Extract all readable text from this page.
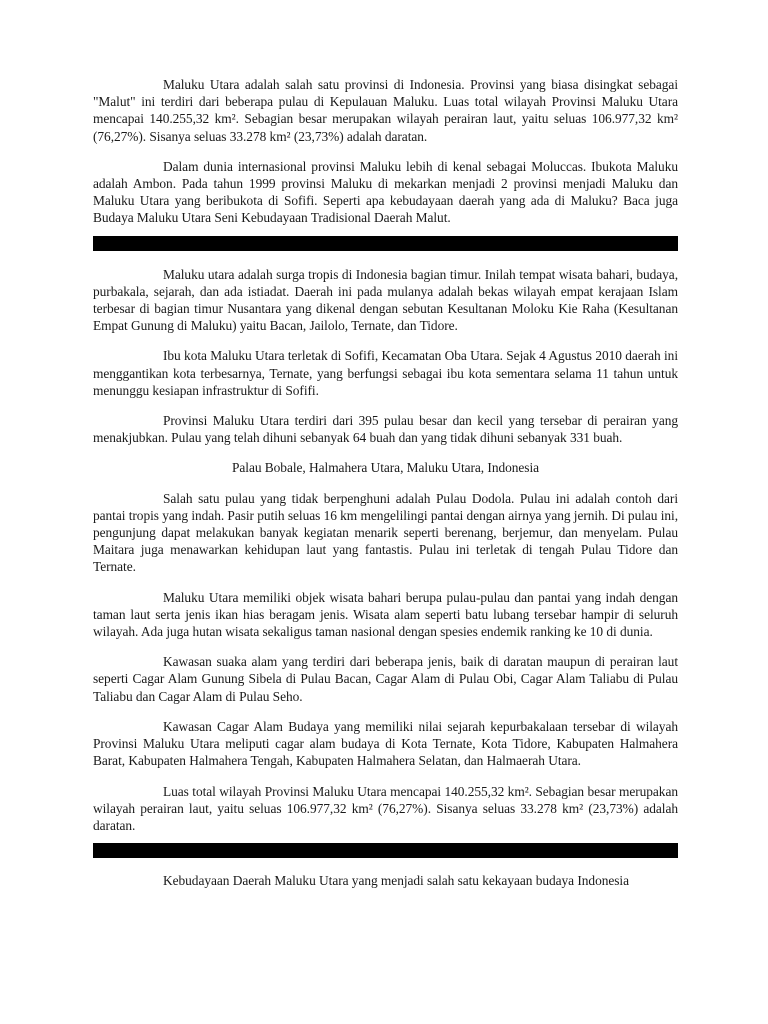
Maluku Utara adalah salah satu provinsi di Indonesia. Provinsi yang biasa disingkat sebagai "Malut" ini terdiri dari beberapa pulau di Kepulauan Maluku. Luas total wilayah Provinsi Maluku Utara mencapai 140.255,32 km². Sebagian besar merupakan wilayah perairan laut, yaitu seluas 106.977,32 km² (76,27%). Sisanya seluas 33.278 km² (23,73%) adalah daratan.

Dalam dunia internasional provinsi Maluku lebih di kenal sebagai Moluccas. Ibukota Maluku adalah Ambon. Pada tahun 1999 provinsi Maluku di mekarkan menjadi 2 provinsi menjadi Maluku dan Maluku Utara yang beribukota di Sofifi. Seperti apa kebudayaan daerah yang ada di Maluku? Baca juga Budaya Maluku Utara Seni Kebudayaan Tradisional Daerah Malut.

Maluku utara adalah surga tropis di Indonesia bagian timur. Inilah tempat wisata bahari, budaya, purbakala, sejarah, dan ada istiadat. Daerah ini pada mulanya adalah bekas wilayah empat kerajaan Islam terbesar di bagian timur Nusantara yang dikenal dengan sebutan Kesultanan Moloku Kie Raha (Kesultanan Empat Gunung di Maluku) yaitu Bacan, Jailolo, Ternate, dan Tidore.

Ibu kota Maluku Utara terletak di Sofifi, Kecamatan Oba Utara. Sejak 4 Agustus 2010 daerah ini menggantikan kota terbesarnya, Ternate, yang berfungsi sebagai ibu kota sementara selama 11 tahun untuk menunggu kesiapan infrastruktur di Sofifi.

Provinsi Maluku Utara terdiri dari 395 pulau besar dan kecil yang tersebar di perairan yang menakjubkan. Pulau yang telah dihuni sebanyak 64 buah dan yang tidak dihuni sebanyak 331 buah.

Palau Bobale, Halmahera Utara, Maluku Utara, Indonesia

Salah satu pulau yang tidak berpenghuni adalah Pulau Dodola. Pulau ini adalah contoh dari pantai tropis yang indah. Pasir putih seluas 16 km mengelilingi pantai dengan airnya yang jernih. Di pulau ini, pengunjung dapat melakukan banyak kegiatan menarik seperti berenang, berjemur, dan menyelam. Pulau Maitara juga menawarkan kehidupan laut yang fantastis. Pulau ini terletak di tengah Pulau Tidore dan Ternate.

Maluku Utara memiliki objek wisata bahari berupa pulau-pulau dan pantai yang indah dengan taman laut serta jenis ikan hias beragam jenis. Wisata alam seperti batu lubang tersebar hampir di seluruh wilayah. Ada juga hutan wisata sekaligus taman nasional dengan spesies endemik ranking ke 10 di dunia.

Kawasan suaka alam yang terdiri dari beberapa jenis, baik di daratan maupun di perairan laut seperti Cagar Alam Gunung Sibela di Pulau Bacan, Cagar Alam di Pulau Obi, Cagar Alam Taliabu di Pulau Taliabu dan Cagar Alam di Pulau Seho.

Kawasan Cagar Alam Budaya yang memiliki nilai sejarah kepurbakalaan tersebar di wilayah Provinsi Maluku Utara meliputi cagar alam budaya di Kota Ternate, Kota Tidore, Kabupaten Halmahera Barat, Kabupaten Halmahera Tengah, Kabupaten Halmahera Selatan, dan Halmaerah Utara.

Luas total wilayah Provinsi Maluku Utara mencapai 140.255,32 km². Sebagian besar merupakan wilayah perairan laut, yaitu seluas 106.977,32 km² (76,27%). Sisanya seluas 33.278 km² (23,73%) adalah daratan.

Kebudayaan Daerah Maluku Utara yang menjadi salah satu kekayaan budaya Indonesia
